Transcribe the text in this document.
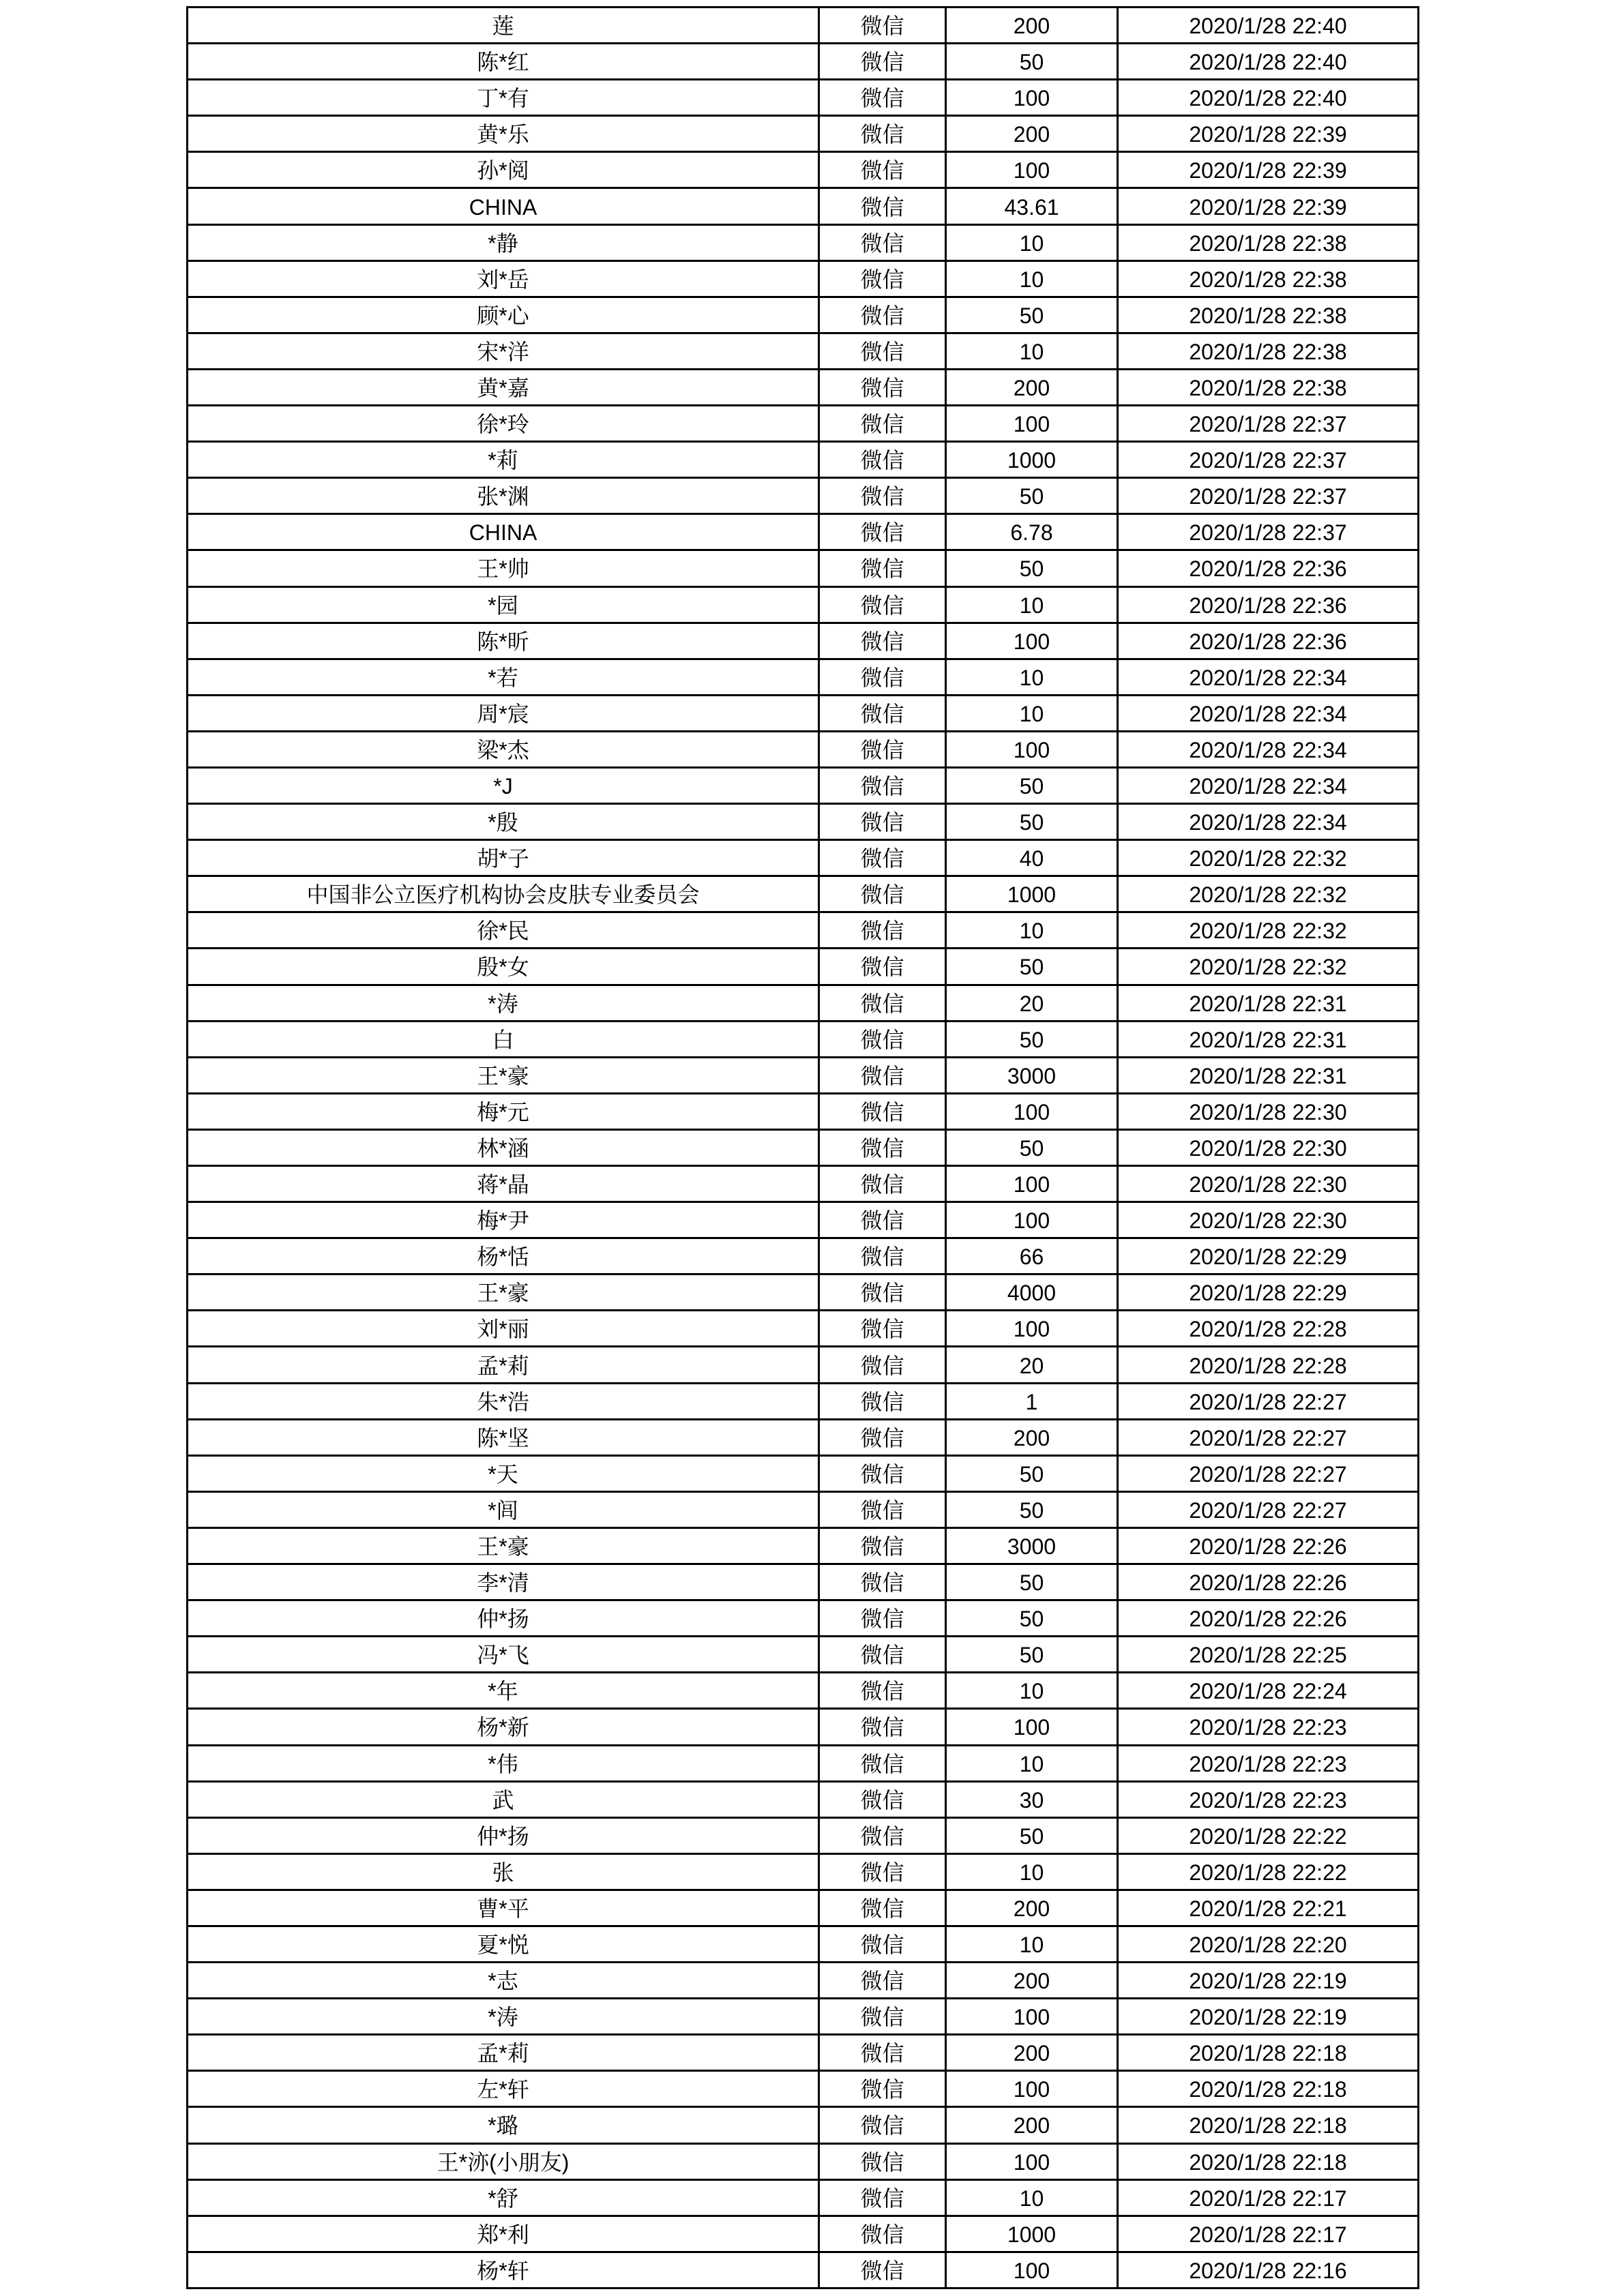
莲	微信	200	2020/1/28 22:40
陈*红	微信	50	2020/1/28 22:40
丁*有	微信	100	2020/1/28 22:40
黄*乐	微信	200	2020/1/28 22:39
孙*阅	微信	100	2020/1/28 22:39
CHINA	微信	43.61	2020/1/28 22:39
*静	微信	10	2020/1/28 22:38
刘*岳	微信	10	2020/1/28 22:38
顾*心	微信	50	2020/1/28 22:38
宋*洋	微信	10	2020/1/28 22:38
黄*嘉	微信	200	2020/1/28 22:38
徐*玲	微信	100	2020/1/28 22:37
*莉	微信	1000	2020/1/28 22:37
张*渊	微信	50	2020/1/28 22:37
CHINA	微信	6.78	2020/1/28 22:37
王*帅	微信	50	2020/1/28 22:36
*园	微信	10	2020/1/28 22:36
陈*昕	微信	100	2020/1/28 22:36
*若	微信	10	2020/1/28 22:34
周*宸	微信	10	2020/1/28 22:34
梁*杰	微信	100	2020/1/28 22:34
*J	微信	50	2020/1/28 22:34
*殷	微信	50	2020/1/28 22:34
胡*子	微信	40	2020/1/28 22:32
中国非公立医疗机构协会皮肤专业委员会	微信	1000	2020/1/28 22:32
徐*民	微信	10	2020/1/28 22:32
殷*女	微信	50	2020/1/28 22:32
*涛	微信	20	2020/1/28 22:31
白	微信	50	2020/1/28 22:31
王*豪	微信	3000	2020/1/28 22:31
梅*元	微信	100	2020/1/28 22:30
林*涵	微信	50	2020/1/28 22:30
蒋*晶	微信	100	2020/1/28 22:30
梅*尹	微信	100	2020/1/28 22:30
杨*恬	微信	66	2020/1/28 22:29
王*豪	微信	4000	2020/1/28 22:29
刘*丽	微信	100	2020/1/28 22:28
孟*莉	微信	20	2020/1/28 22:28
朱*浩	微信	1	2020/1/28 22:27
陈*坚	微信	200	2020/1/28 22:27
*天	微信	50	2020/1/28 22:27
*闾	微信	50	2020/1/28 22:27
王*豪	微信	3000	2020/1/28 22:26
李*清	微信	50	2020/1/28 22:26
仲*扬	微信	50	2020/1/28 22:26
冯*飞	微信	50	2020/1/28 22:25
*年	微信	10	2020/1/28 22:24
杨*新	微信	100	2020/1/28 22:23
*伟	微信	10	2020/1/28 22:23
武	微信	30	2020/1/28 22:23
仲*扬	微信	50	2020/1/28 22:22
张	微信	10	2020/1/28 22:22
曹*平	微信	200	2020/1/28 22:21
夏*悦	微信	10	2020/1/28 22:20
*志	微信	200	2020/1/28 22:19
*涛	微信	100	2020/1/28 22:19
孟*莉	微信	200	2020/1/28 22:18
左*轩	微信	100	2020/1/28 22:18
*璐	微信	200	2020/1/28 22:18
王*洂(小朋友)	微信	100	2020/1/28 22:18
*舒	微信	10	2020/1/28 22:17
郑*利	微信	1000	2020/1/28 22:17
杨*轩	微信	100	2020/1/28 22:16
